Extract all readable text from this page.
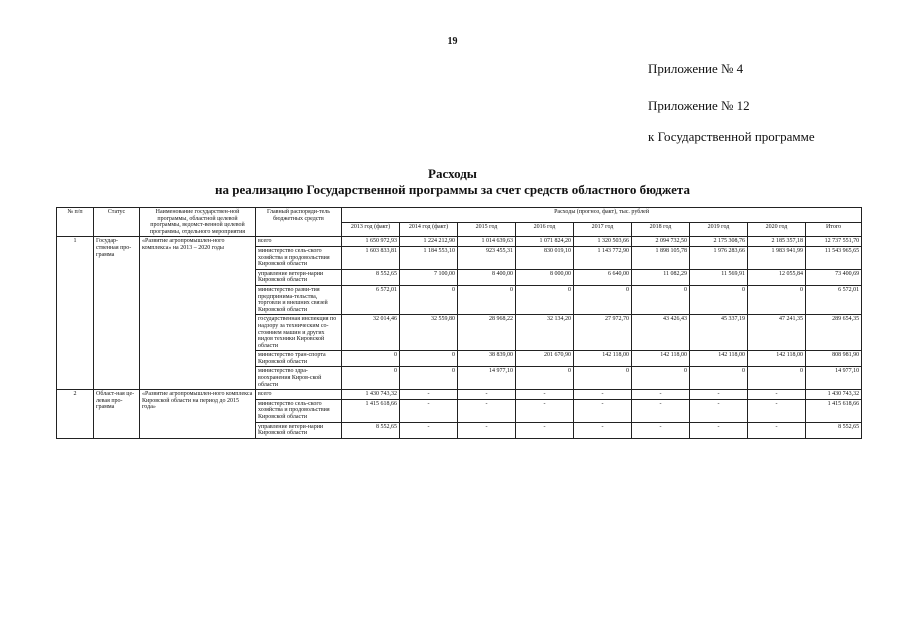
19
Приложение № 4
Приложение № 12
к Государственной программе
Расходы
на реализацию Государственной программы за счет средств областного бюджета
№ п/п	Статус	Наименование государствен-ной программы, областной целевой программы, ведомст-венной целевой программы, отдельного мероприятия	Главный распоряди-тель бюджетных средств	Расходы (прогноз, факт), тыс. рублей								
				2013 год (факт)	2014 год (факт)	2015 год	2016 год	2017 год	2018 год	2019 год	2020 год	Итого
1	Государ-ственная про-грамма	«Развитие агропромышлен-ного комплекса» на 2013 – 2020 годы	всего	1 650 972,93	1 224 212,90	1 014 639,63	1 071 824,20	1 320 503,66	2 094 732,50	2 175 308,76	2 185 357,18	12 737 551,70
			министерство сель-ского хозяйства и продовольствия Кировской области	1 603 833,81	1 184 553,10	923 455,31	830 019,10	1 143 772,90	1 898 105,78	1 976 283,66	1 983 941,99	11 543 965,65
			управление ветери-нарии Кировской области	8 552,65	7 100,00	8 400,00	8 000,00	6 640,00	11 082,29	11 569,91	12 055,84	73 400,69
			министерство разви-тия предпринима-тельства, торговли и внешних связей Кировской области	6 572,01	0	0	0	0	0	0	0	6 572,01
			государственная инспекция по надзору за техническим со-стоянием машин и других видов техники Кировской области	32 014,46	32 559,80	28 968,22	32 134,20	27 972,70	43 426,43	45 337,19	47 241,35	289 654,35
			министерство тран-спорта Кировской области	0	0	38 839,00	201 670,90	142 118,00	142 118,00	142 118,00	142 118,00	808 981,90
			министерство здра-воохранения Киров-ской области	0	0	14 977,10	0	0	0	0	0	14 977,10
2	Област-ная це-левая про-грамма	«Развитие агропромышлен-ного комплекса Кировской области на период до 2015 года»	всего	1 430 743,32	-	-	-	-	-	-	-	1 430 743,32
			министерство сель-ского хозяйства и продовольствия Кировской области	1 415 618,66	-	-	-	-	-	-	-	1 415 618,66
			управление ветери-нарии Кировской области	8 552,65	-	-	-	-	-	-	-	8 552,65
